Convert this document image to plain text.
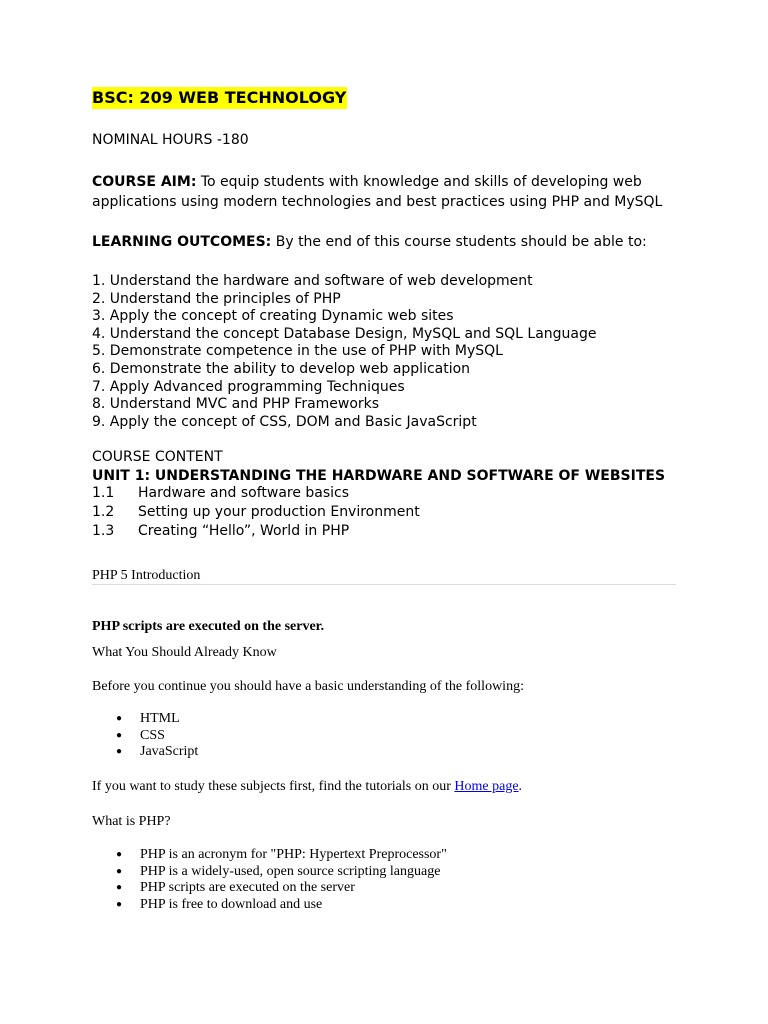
BSC: 209 WEB TECHNOLOGY
NOMINAL HOURS -180
COURSE AIM: To equip students with knowledge and skills of developing web applications using modern technologies and best practices using PHP and MySQL
LEARNING OUTCOMES: By the end of this course students should be able to:
1. Understand the hardware and software of web development
2. Understand the principles of PHP
3. Apply the concept of creating Dynamic web sites
4. Understand the concept Database Design, MySQL and SQL Language
5. Demonstrate competence in the use of PHP with MySQL
6. Demonstrate the ability to develop web application
7. Apply Advanced programming Techniques
8. Understand MVC and PHP Frameworks
9. Apply the concept of CSS, DOM and Basic JavaScript
COURSE CONTENT
UNIT 1: UNDERSTANDING THE HARDWARE AND SOFTWARE OF WEBSITES
1.1 Hardware and software basics
1.2 Setting up your production Environment
1.3 Creating “Hello”, World in PHP
PHP 5 Introduction
PHP scripts are executed on the server.
What You Should Already Know
Before you continue you should have a basic understanding of the following:
● HTML
● CSS
● JavaScript
If you want to study these subjects first, find the tutorials on our Home page.
What is PHP?
● PHP is an acronym for "PHP: Hypertext Preprocessor"
● PHP is a widely-used, open source scripting language
● PHP scripts are executed on the server
● PHP is free to download and use
